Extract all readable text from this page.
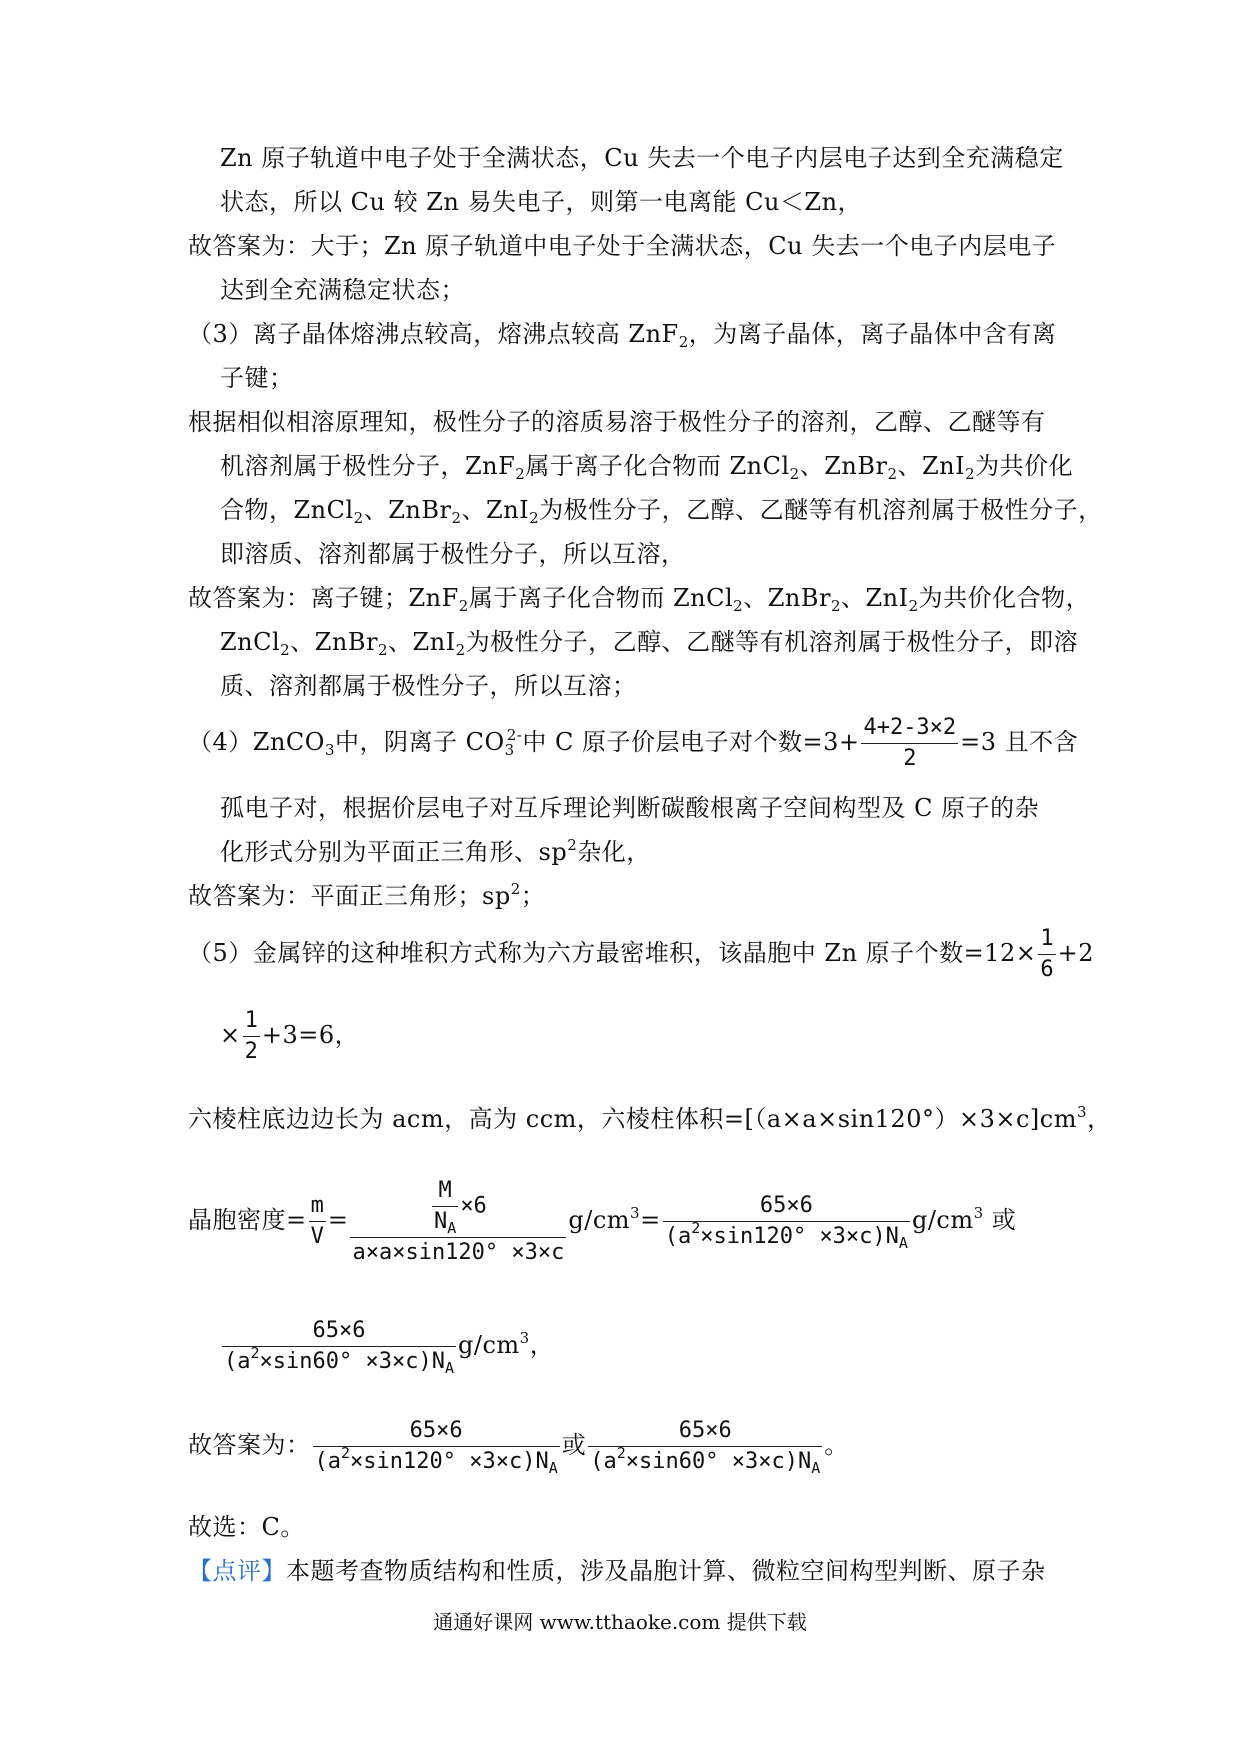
Zn 原子轨道中电子处于全满状态，Cu 失去一个电子内层电子达到全充满稳定
状态，所以 Cu 较 Zn 易失电子，则第一电离能 Cu＜Zn，
故答案为：大于；Zn 原子轨道中电子处于全满状态，Cu 失去一个电子内层电子
达到全充满稳定状态；
（3）离子晶体熔沸点较高，熔沸点较高 ZnF$_2$，为离子晶体，离子晶体中含有离
子键；
根据相似相溶原理知，极性分子的溶质易溶于极性分子的溶剂，乙醇、乙醚等有
机溶剂属于极性分子，ZnF$_2$属于离子化合物而 ZnCl$_2$、ZnBr$_2$、ZnI$_2$为共价化
合物，ZnCl$_2$、ZnBr$_2$、ZnI$_2$为极性分子，乙醇、乙醚等有机溶剂属于极性分子，
即溶质、溶剂都属于极性分子，所以互溶，
故答案为：离子键；ZnF$_2$属于离子化合物而 ZnCl$_2$、ZnBr$_2$、ZnI$_2$为共价化合物，
ZnCl$_2$、ZnBr$_2$、ZnI$_2$为极性分子，乙醇、乙醚等有机溶剂属于极性分子，即溶
质、溶剂都属于极性分子，所以互溶；
（4）ZnCO$_3$中，阴离子 $CO_3^{2-}$中 C 原子价层电子对个数$=3+ \frac{4+2-3\times 2}{2} =3$ 且不含
孤电子对，根据价层电子对互斥理论判断碳酸根离子空间构型及 C 原子的杂
化形式分别为平面正三角形、$sp^2$杂化，
故答案为：平面正三角形；$sp^2$；
（5）金属锌的这种堆积方式称为六方最密堆积，该晶胞中 Zn 原子个数$=12\times \frac{1}{6} +2$
× $\frac{1}{2} +3=6$，
六棱柱底边边长为 acm，高为 ccm，六棱柱体积$=[(a\times a\times\sin 120^\circ)\times 3\times c]cm^3$，
晶胞密度= $\frac{m}{V} = \frac{\frac{M}{N_A} \times 6}{a\times a\times\sin 120^\circ \times 3\times c} g/cm^3= \frac{65\times 6}{(a^2\times\sin 120^\circ \times 3\times c)N_A} g/cm^3$ 或
$\frac{65\times 6}{(a^2\times\sin 60^\circ \times 3\times c)N_A} g/cm^3$，
故答案为： $\frac{65\times 6}{(a^2\times\sin 120^\circ \times 3\times c)N_A}$ 或 $\frac{65\times 6}{(a^2\times\sin 60^\circ \times 3\times c)N_A}$ 。
故选：C。
【点评】本题考查物质结构和性质，涉及晶胞计算、微粒空间构型判断、原子杂
通通好课网 www.tthaoke.com 提供下载
